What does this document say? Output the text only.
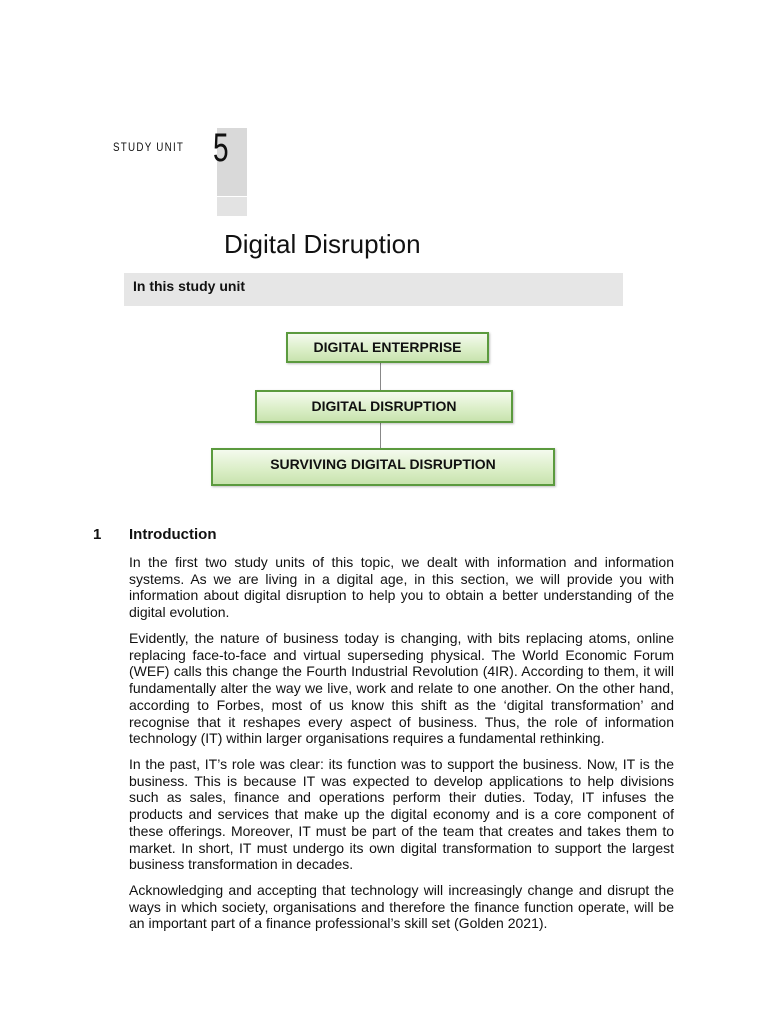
STUDY UNIT 5
Digital Disruption
In this study unit
DIGITAL ENTERPRISE
DIGITAL DISRUPTION
SURVIVING DIGITAL DISRUPTION
1 Introduction

In the first two study units of this topic, we dealt with information and information systems. As we are living in a digital age, in this section, we will provide you with information about digital disruption to help you to obtain a better understanding of the digital evolution.

Evidently, the nature of business today is changing, with bits replacing atoms, online replacing face-to-face and virtual superseding physical. The World Economic Forum (WEF) calls this change the Fourth Industrial Revolution (4IR). According to them, it will fundamentally alter the way we live, work and relate to one another. On the other hand, according to Forbes, most of us know this shift as the ‘digital transformation’ and recognise that it reshapes every aspect of business. Thus, the role of information technology (IT) within larger organisations requires a fundamental rethinking.

In the past, IT’s role was clear: its function was to support the business. Now, IT is the business. This is because IT was expected to develop applications to help divisions such as sales, finance and operations perform their duties. Today, IT infuses the products and services that make up the digital economy and is a core component of these offerings. Moreover, IT must be part of the team that creates and takes them to market. In short, IT must undergo its own digital transformation to support the largest business transformation in decades.

Acknowledging and accepting that technology will increasingly change and disrupt the ways in which society, organisations and therefore the finance function operate, will be an important part of a finance professional’s skill set (Golden 2021).
